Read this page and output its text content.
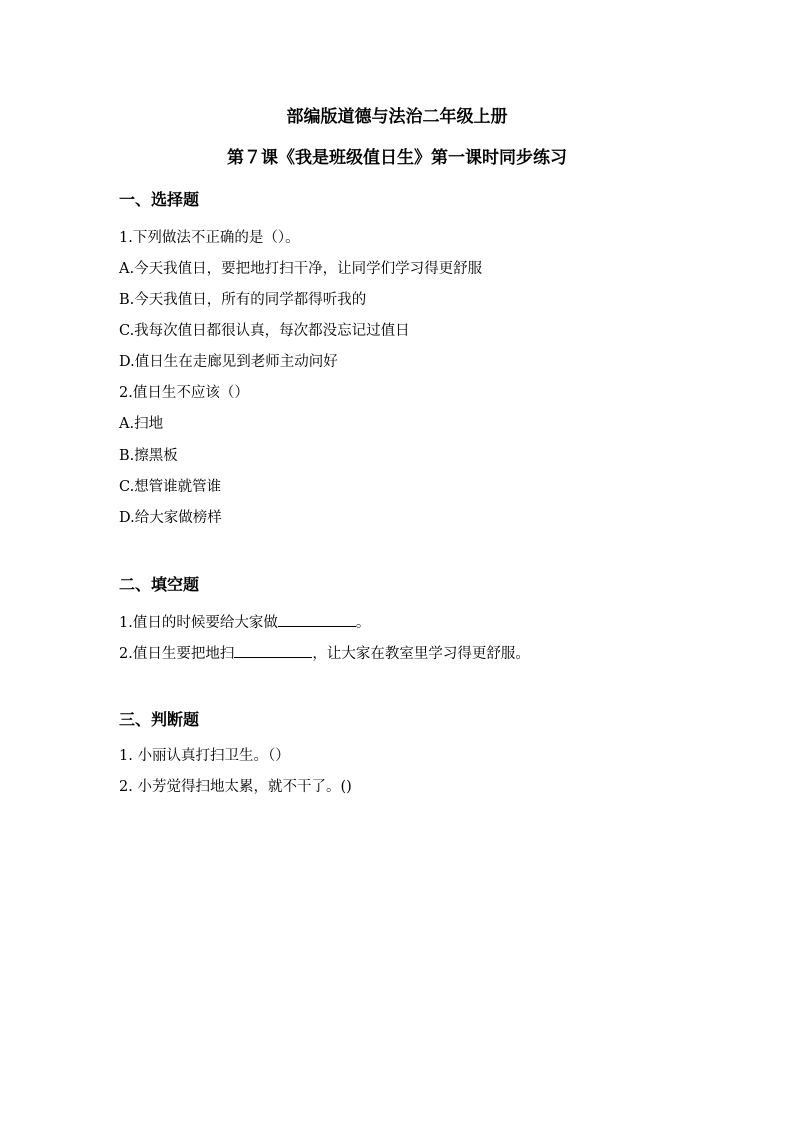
部编版道德与法治二年级上册
第７课《我是班级值日生》第一课时同步练习
一、选择题
1.下列做法不正确的是（）。
A.今天我值日，要把地打扫干净，让同学们学习得更舒服
B.今天我值日，所有的同学都得听我的
C.我每次值日都很认真，每次都没忘记过值日
D.值日生在走廊见到老师主动问好
2.值日生不应该（）
A.扫地
B.擦黑板
C.想管谁就管谁
D.给大家做榜样
二、填空题
1.值日的时候要给大家做	。
2.值日生要把地扫	，让大家在教室里学习得更舒服。
三、判断题
1. 小丽认真打扫卫生。（）
2. 小芳觉得扫地太累，就不干了。()
